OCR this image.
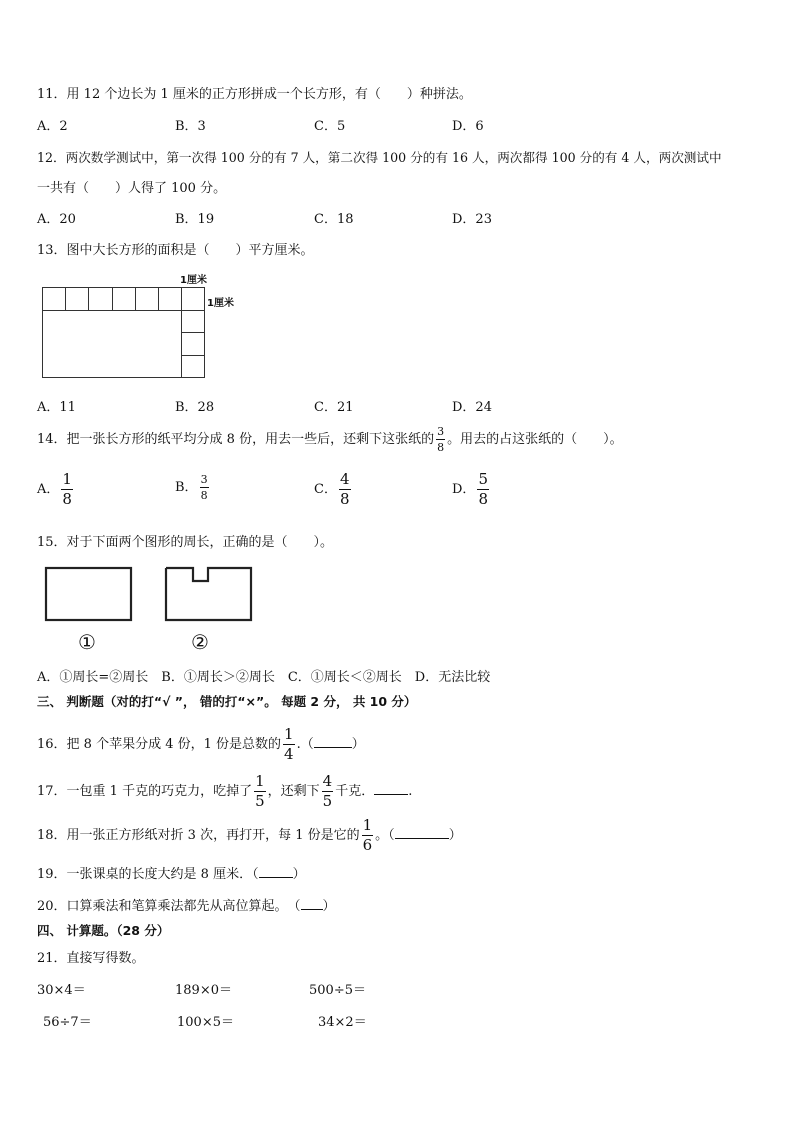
11．用 12 个边长为 1 厘米的正方形拼成一个长方形，有（　　）种拼法。
A．2	B．3	C．5	D．6
12．两次数学测试中，第一次得 100 分的有 7 人，第二次得 100 分的有 16 人，两次都得 100 分的有 4 人，两次测试中
一共有（　　）人得了 100 分。
A．20	B．19	C．18	D．23
13．图中大长方形的面积是（　　）平方厘米。
1厘米
1厘米
A．11	B．28	C．21	D．24
14．把一张长方形的纸平均分成 8 份，用去一些后，还剩下这张纸的 $\frac{3}{8}$ 。用去的占这张纸的（　　）。
A． $\frac{1}{8}$	B． $\frac{3}{8}$	C． $\frac{4}{8}$	D． $\frac{5}{8}$
15．对于下面两个图形的周长，正确的是（　　）。
①	②
A．①周长=②周长　B．①周长＞②周长　C．①周长＜②周长　D．无法比较
三、 判断题（对的打“√ ”， 错的打“×”。 每题 2 分， 共 10 分）
16．把 8 个苹果分成 4 份，1 份是总数的 $\frac{1}{4}$ .（	）
17．一包重 1 千克的巧克力，吃掉了 $\frac{1}{5}$ ，还剩下 $\frac{4}{5}$ 千克．	.
18．用一张正方形纸对折 3 次，再打开，每 1 份是它的 $\frac{1}{6}$ 。（	）
19．一张课桌的长度大约是 8 厘米．（	）
20．口算乘法和笔算乘法都先从高位算起。　（ ）
四、 计算题。（28 分）
21．直接写得数。
30×4＝	189×0＝	500÷5＝
56÷7＝	100×5＝	34×2＝
